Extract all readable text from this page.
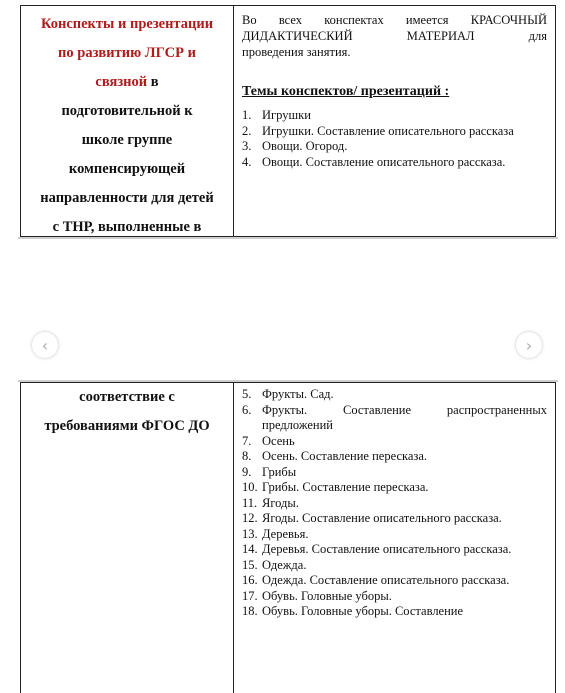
Конспекты и презентации
по развитию ЛГСР и
связной в
подготовительной к
школе группе
компенсирующей
направленности для детей
с ТНР, выполненные в
Во всех конспектах имеется КРАСОЧНЫЙ
ДИДАКТИЧЕСКИЙ МАТЕРИАЛ для
проведения занятия.
Темы конспектов/ презентаций :
1. Игрушки
2. Игрушки. Составление описательного рассказа
3. Овощи. Огород.
4. Овощи. Составление описательного рассказа.
‹	›
соответствие с
требованиями ФГОС ДО
5. Фрукты. Сад.
6. Фрукты. Составление распространенных предложений
7. Осень
8. Осень. Составление пересказа.
9. Грибы
10. Грибы. Составление пересказа.
11. Ягоды.
12. Ягоды. Составление описательного рассказа.
13. Деревья.
14. Деревья. Составление описательного рассказа.
15. Одежда.
16. Одежда. Составление описательного рассказа.
17. Обувь. Головные уборы.
18. Обувь. Головные уборы. Составление
